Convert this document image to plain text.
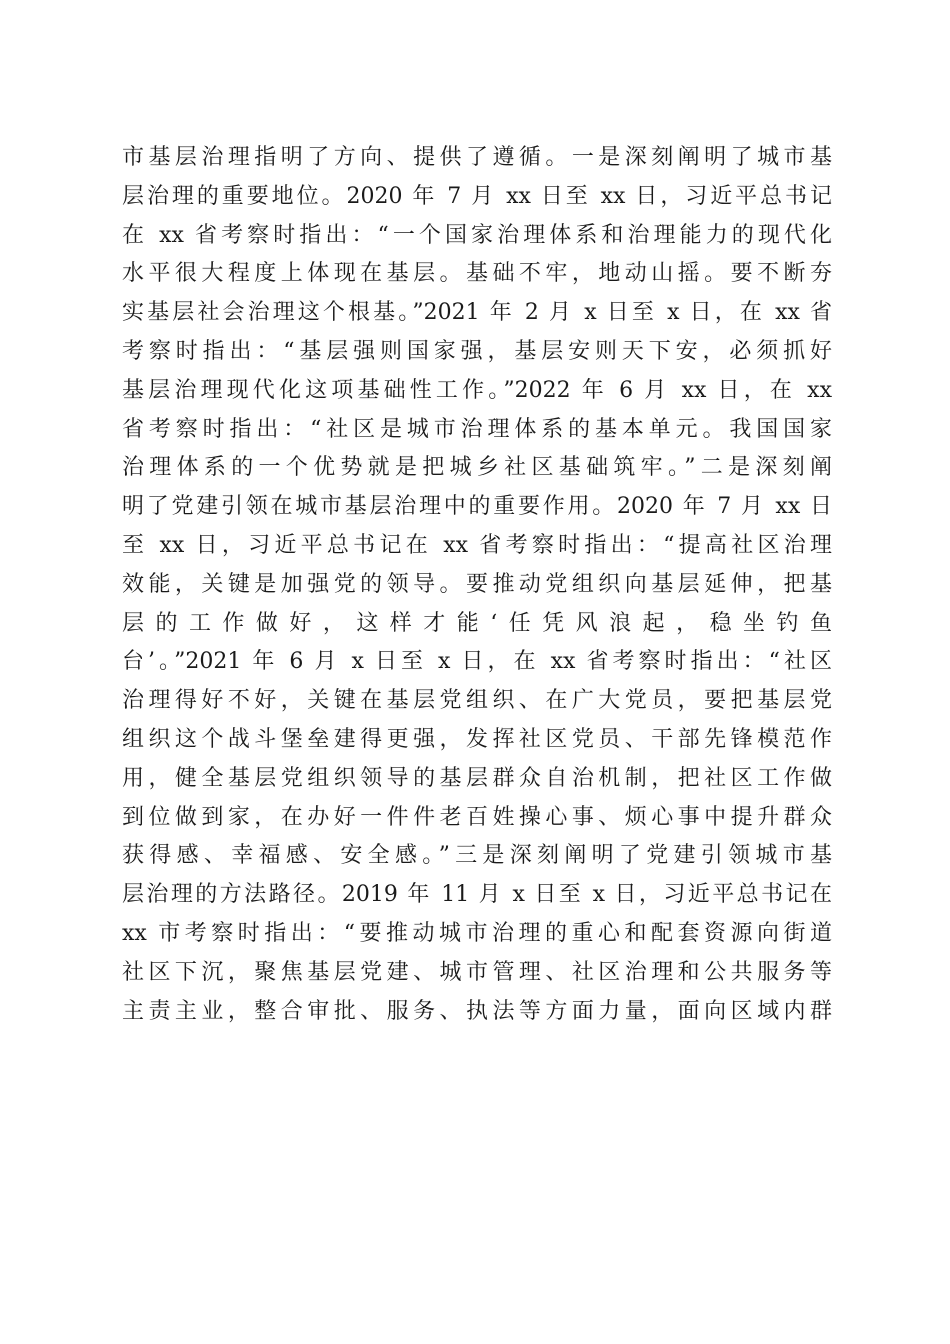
市基层治理指明了方向、提供了遵循。一是深刻阐明了城市基
层治理的重要地位。2020 年 7 月 xx 日至 xx 日，习近平总书记
在 xx 省考察时指出：“一个国家治理体系和治理能力的现代化
水平很大程度上体现在基层。基础不牢，地动山摇。要不断夯
实基层社会治理这个根基。”2021 年 2 月 x 日至 x 日，在 xx 省
考察时指出：“基层强则国家强，基层安则天下安，必须抓好
基层治理现代化这项基础性工作。”2022 年 6 月 xx 日，在 xx
省考察时指出：“社区是城市治理体系的基本单元。我国国家
治理体系的一个优势就是把城乡社区基础筑牢。”二是深刻阐
明了党建引领在城市基层治理中的重要作用。2020 年 7 月 xx 日
至 xx 日，习近平总书记在 xx 省考察时指出：“提高社区治理
效能，关键是加强党的领导。要推动党组织向基层延伸，把基
层的工作做好，这样才能‘任凭风浪起，稳坐钓鱼
台’。”2021 年 6 月 x 日至 x 日，在 xx 省考察时指出：“社区
治理得好不好，关键在基层党组织、在广大党员，要把基层党
组织这个战斗堡垒建得更强，发挥社区党员、干部先锋模范作
用，健全基层党组织领导的基层群众自治机制，把社区工作做
到位做到家，在办好一件件老百姓操心事、烦心事中提升群众
获得感、幸福感、安全感。”三是深刻阐明了党建引领城市基
层治理的方法路径。2019 年 11 月 x 日至 x 日，习近平总书记在
xx 市考察时指出：“要推动城市治理的重心和配套资源向街道
社区下沉，聚焦基层党建、城市管理、社区治理和公共服务等
主责主业，整合审批、服务、执法等方面力量，面向区域内群
